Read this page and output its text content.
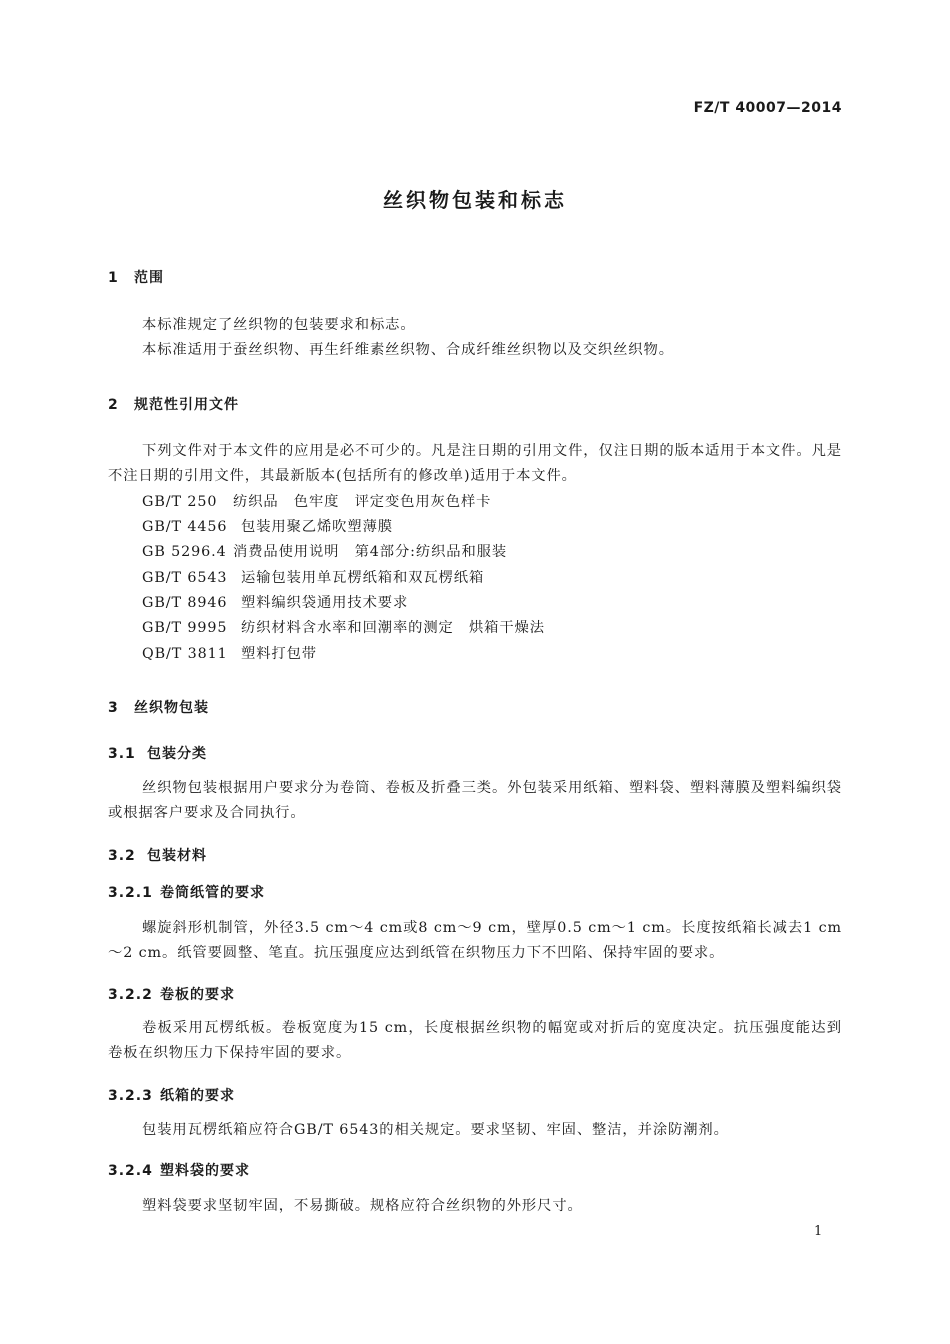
FZ/T 40007—2014
丝织物包装和标志
1 范围
本标准规定了丝织物的包装要求和标志。
本标准适用于蚕丝织物、再生纤维素丝织物、合成纤维丝织物以及交织丝织物。
2 规范性引用文件
下列文件对于本文件的应用是必不可少的。凡是注日期的引用文件，仅注日期的版本适用于本文件。凡是不注日期的引用文件，其最新版本(包括所有的修改单)适用于本文件。
GB/T 250 纺织品　色牢度　评定变色用灰色样卡
GB/T 4456 包装用聚乙烯吹塑薄膜
GB 5296.4 消费品使用说明　第4部分:纺织品和服装
GB/T 6543 运输包装用单瓦楞纸箱和双瓦楞纸箱
GB/T 8946 塑料编织袋通用技术要求
GB/T 9995 纺织材料含水率和回潮率的测定　烘箱干燥法
QB/T 3811 塑料打包带
3 丝织物包装
3.1 包装分类
丝织物包装根据用户要求分为卷筒、卷板及折叠三类。外包装采用纸箱、塑料袋、塑料薄膜及塑料编织袋或根据客户要求及合同执行。
3.2 包装材料
3.2.1 卷筒纸管的要求
螺旋斜形机制管，外径3.5 cm～4 cm或8 cm～9 cm，壁厚0.5 cm～1 cm。长度按纸箱长减去1 cm～2 cm。纸管要圆整、笔直。抗压强度应达到纸管在织物压力下不凹陷、保持牢固的要求。
3.2.2 卷板的要求
卷板采用瓦楞纸板。卷板宽度为15 cm，长度根据丝织物的幅宽或对折后的宽度决定。抗压强度能达到卷板在织物压力下保持牢固的要求。
3.2.3 纸箱的要求
包装用瓦楞纸箱应符合GB/T 6543的相关规定。要求坚韧、牢固、整洁，并涂防潮剂。
3.2.4 塑料袋的要求
塑料袋要求坚韧牢固，不易撕破。规格应符合丝织物的外形尺寸。
1
